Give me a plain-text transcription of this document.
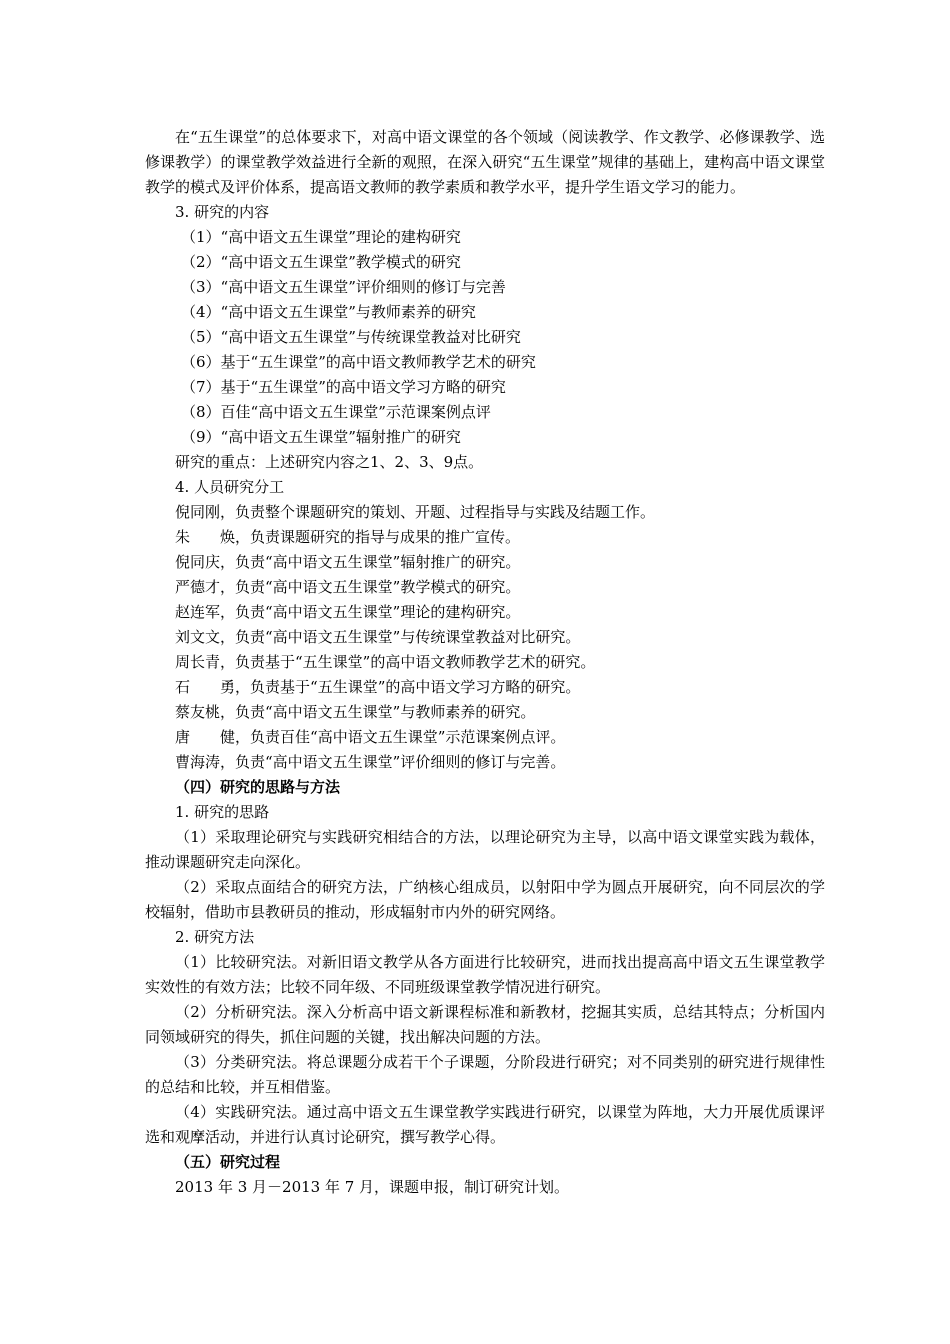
在“五生课堂”的总体要求下，对高中语文课堂的各个领域（阅读教学、作文教学、必修课教学、选修课教学）的课堂教学效益进行全新的观照，在深入研究“五生课堂”规律的基础上，建构高中语文课堂教学的模式及评价体系，提高语文教师的教学素质和教学水平，提升学生语文学习的能力。

3. 研究的内容

（1）“高中语文五生课堂”理论的建构研究

（2）“高中语文五生课堂”教学模式的研究

（3）“高中语文五生课堂”评价细则的修订与完善

（4）“高中语文五生课堂”与教师素养的研究

（5）“高中语文五生课堂”与传统课堂教益对比研究

（6）基于“五生课堂”的高中语文教师教学艺术的研究

（7）基于“五生课堂”的高中语文学习方略的研究

（8）百佳“高中语文五生课堂”示范课案例点评

（9）“高中语文五生课堂”辐射推广的研究

研究的重点：上述研究内容之1、2、3、9点。

4. 人员研究分工

倪同刚，负责整个课题研究的策划、开题、过程指导与实践及结题工作。

朱 焕，负责课题研究的指导与成果的推广宣传。

倪同庆，负责“高中语文五生课堂”辐射推广的研究。

严德才，负责“高中语文五生课堂”教学模式的研究。

赵连军，负责“高中语文五生课堂”理论的建构研究。

刘文文，负责“高中语文五生课堂”与传统课堂教益对比研究。

周长青，负责基于“五生课堂”的高中语文教师教学艺术的研究。

石 勇，负责基于“五生课堂”的高中语文学习方略的研究。

蔡友桃，负责“高中语文五生课堂”与教师素养的研究。

唐 健，负责百佳“高中语文五生课堂”示范课案例点评。

曹海涛，负责“高中语文五生课堂”评价细则的修订与完善。

（四）研究的思路与方法

1. 研究的思路

（1）采取理论研究与实践研究相结合的方法，以理论研究为主导，以高中语文课堂实践为载体，推动课题研究走向深化。

（2）采取点面结合的研究方法，广纳核心组成员，以射阳中学为圆点开展研究，向不同层次的学校辐射，借助市县教研员的推动，形成辐射市内外的研究网络。

2. 研究方法

（1）比较研究法。对新旧语文教学从各方面进行比较研究，进而找出提高高中语文五生课堂教学实效性的有效方法；比较不同年级、不同班级课堂教学情况进行研究。

（2）分析研究法。深入分析高中语文新课程标准和新教材，挖掘其实质，总结其特点；分析国内同领域研究的得失，抓住问题的关键，找出解决问题的方法。

（3）分类研究法。将总课题分成若干个子课题，分阶段进行研究；对不同类别的研究进行规律性的总结和比较，并互相借鉴。

（4）实践研究法。通过高中语文五生课堂教学实践进行研究，以课堂为阵地，大力开展优质课评选和观摩活动，并进行认真讨论研究，撰写教学心得。

（五）研究过程

2013 年 3 月－2013 年 7 月，课题申报，制订研究计划。
